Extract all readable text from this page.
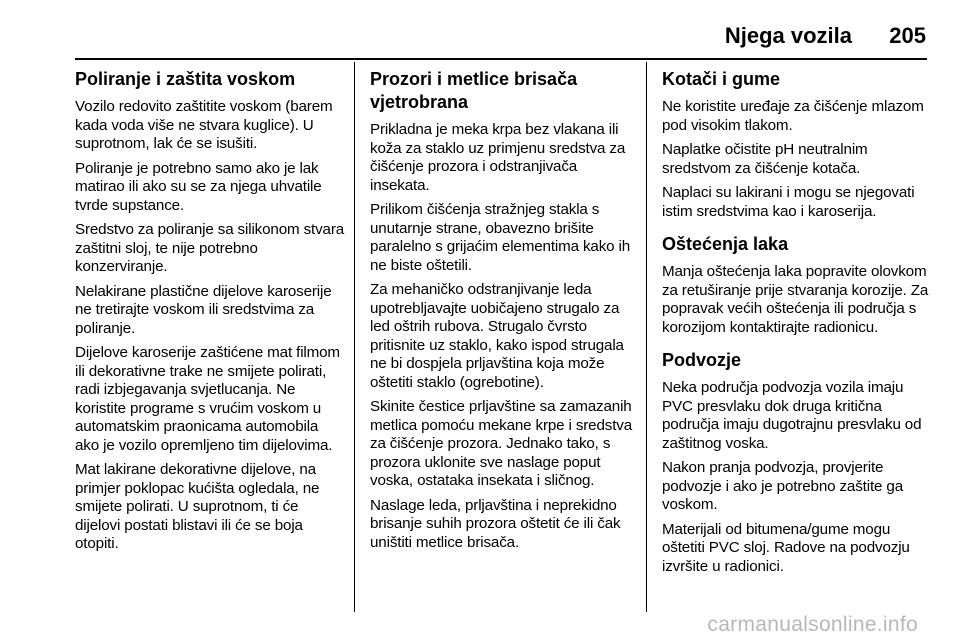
Njega vozila 205
Poliranje i zaštita voskom

Vozilo redovito zaštitite voskom (barem kada voda više ne stvara kuglice). U suprotnom, lak će se isušiti.

Poliranje je potrebno samo ako je lak matirao ili ako su se za njega uhvatile tvrde supstance.

Sredstvo za poliranje sa silikonom stvara zaštitni sloj, te nije potrebno konzerviranje.

Nelakirane plastične dijelove karoserije ne tretirajte voskom ili sredstvima za poliranje.

Dijelove karoserije zaštićene mat filmom ili dekorativne trake ne smijete polirati, radi izbjegavanja svjetlucanja. Ne koristite programe s vrućim voskom u automatskim praonicama automobila ako je vozilo opremljeno tim dijelovima.

Mat lakirane dekorativne dijelove, na primjer poklopac kućišta ogledala, ne smijete polirati. U suprotnom, ti će dijelovi postati blistavi ili će se boja otopiti.

Prozori i metlice brisača vjetrobrana

Prikladna je meka krpa bez vlakana ili koža za staklo uz primjenu sredstva za čišćenje prozora i odstranjivača insekata.

Prilikom čišćenja stražnjeg stakla s unutarnje strane, obavezno brišite paralelno s grijaćim elementima kako ih ne biste oštetili.

Za mehaničko odstranjivanje leda upotrebljavajte uobičajeno strugalo za led oštrih rubova. Strugalo čvrsto pritisnite uz staklo, kako ispod strugala ne bi dospjela prljavština koja može oštetiti staklo (ogrebotine).

Skinite čestice prljavštine sa zamazanih metlica pomoću mekane krpe i sredstva za čišćenje prozora. Jednako tako, s prozora uklonite sve naslage poput voska, ostataka insekata i sličnog.

Naslage leda, prljavština i neprekidno brisanje suhih prozora oštetit će ili čak uništiti metlice brisača.

Kotači i gume

Ne koristite uređaje za čišćenje mlazom pod visokim tlakom.

Naplatke očistite pH neutralnim sredstvom za čišćenje kotača.

Naplaci su lakirani i mogu se njegovati istim sredstvima kao i karoserija.

Oštećenja laka

Manja oštećenja laka popravite olovkom za retuširanje prije stvaranja korozije. Za popravak većih oštećenja ili područja s korozijom kontaktirajte radionicu.

Podvozje

Neka područja podvozja vozila imaju PVC presvlaku dok druga kritična područja imaju dugotrajnu presvlaku od zaštitnog voska.

Nakon pranja podvozja, provjerite podvozje i ako je potrebno zaštite ga voskom.

Materijali od bitumena/gume mogu oštetiti PVC sloj. Radove na podvozju izvršite u radionici.

carmanualsonline.info
